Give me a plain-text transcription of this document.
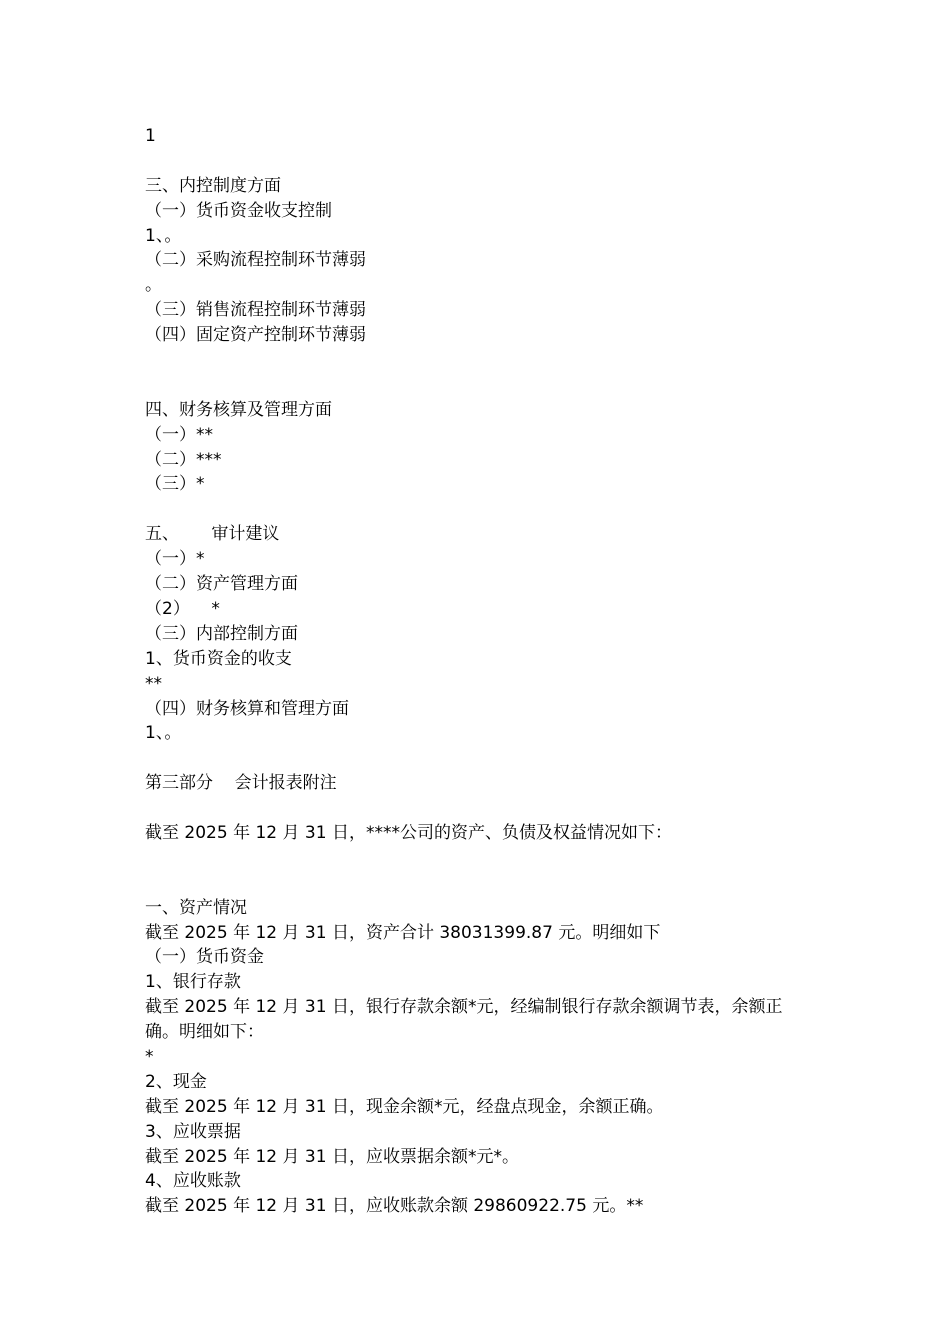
1
三、内控制度方面
（一）货币资金收支控制
1、。
（二）采购流程控制环节薄弱
。
（三）销售流程控制环节薄弱
（四）固定资产控制环节薄弱
四、财务核算及管理方面
（一）**
（二）***
（三）*
五、      审计建议
（一）*
（二）资产管理方面
（2）    *
（三）内部控制方面
1、货币资金的收支
**
（四）财务核算和管理方面
1、。
第三部分    会计报表附注
截至 2025 年 12 月 31 日，****公司的资产、负债及权益情况如下：
一、资产情况
截至 2025 年 12 月 31 日，资产合计 38031399.87 元。明细如下
（一）货币资金
1、银行存款
截至 2025 年 12 月 31 日，银行存款余额*元，经编制银行存款余额调节表，余额正确。明细如下：
*
2、现金
截至 2025 年 12 月 31 日，现金余额*元，经盘点现金，余额正确。
3、应收票据
截至 2025 年 12 月 31 日，应收票据余额*元*。
4、应收账款
截至 2025 年 12 月 31 日，应收账款余额 29860922.75 元。**
